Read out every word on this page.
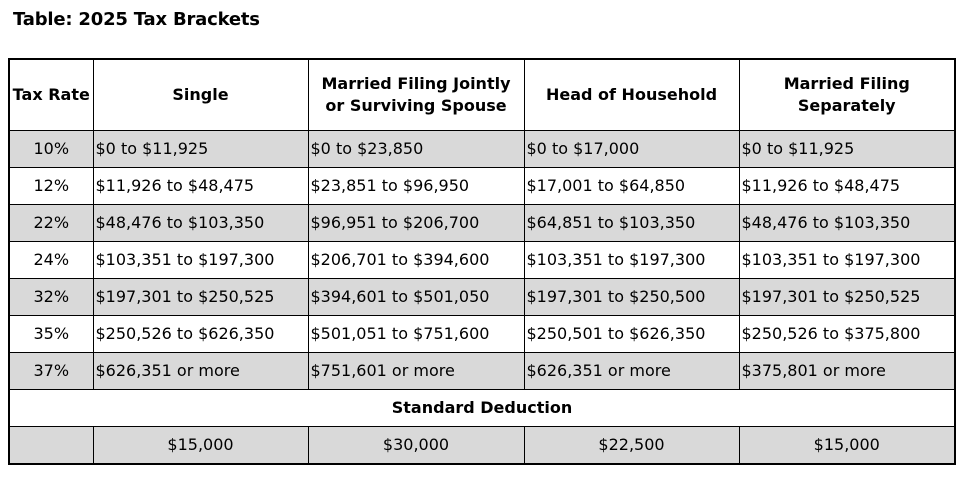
Table: 2025 Tax Brackets
Tax Rate	Single	Married Filing Jointly or Surviving Spouse	Head of Household	Married Filing Separately
10%	$0 to $11,925	$0 to $23,850	$0 to $17,000	$0 to $11,925
12%	$11,926 to $48,475	$23,851 to $96,950	$17,001 to $64,850	$11,926 to $48,475
22%	$48,476 to $103,350	$96,951 to $206,700	$64,851 to $103,350	$48,476 to $103,350
24%	$103,351 to $197,300	$206,701 to $394,600	$103,351 to $197,300	$103,351 to $197,300
32%	$197,301 to $250,525	$394,601 to $501,050	$197,301 to $250,500	$197,301 to $250,525
35%	$250,526 to $626,350	$501,051 to $751,600	$250,501 to $626,350	$250,526 to $375,800
37%	$626,351 or more	$751,601 or more	$626,351 or more	$375,801 or more
Standard Deduction				
	$15,000	$30,000	$22,500	$15,000
